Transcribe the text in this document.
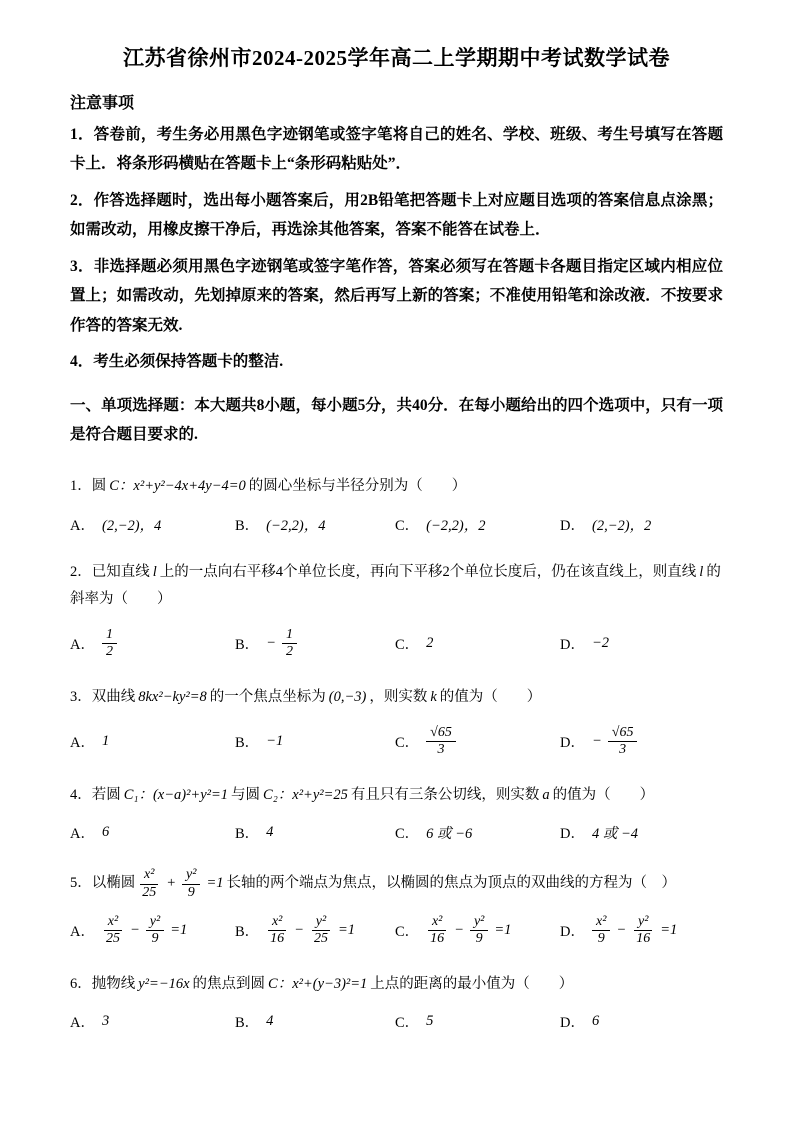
江苏省徐州市2024-2025学年高二上学期期中考试数学试卷
注意事项

1．答卷前，考生务必用黑色字迹钢笔或签字笔将自己的姓名、学校、班级、考生号填写在答题卡上．将条形码横贴在答题卡上“条形码粘贴处”．

2．作答选择题时，选出每小题答案后，用2B铅笔把答题卡上对应题目选项的答案信息点涂黑；如需改动，用橡皮擦干净后，再选涂其他答案，答案不能答在试卷上．

3．非选择题必须用黑色字迹钢笔或签字笔作答，答案必须写在答题卡各题目指定区域内相应位置上；如需改动，先划掉原来的答案，然后再写上新的答案；不准使用铅笔和涂改液．不按要求作答的答案无效.

4．考生必须保持答题卡的整洁.

一、单项选择题：本大题共8小题，每小题5分，共40分．在每小题给出的四个选项中，只有一项是符合题目要求的.

1．圆 C：x²+y²−4x+4y−4=0 的圆心坐标与半径分别为（　　）

A． (2,−2)，4	B． (−2,2)，4	C． (−2,2)，2	D． (2,−2)，2

2．已知直线 l 上的一点向右平移4个单位长度，再向下平移2个单位长度后，仍在该直线上，则直线 l 的斜率为（　　）

A． $\frac{1}{2}$	B． − $\frac{1}{2}$	C． 2	D． −2

3．双曲线 8kx²−ky²=8 的一个焦点坐标为 (0,−3) ，则实数 k 的值为（　　）

A． 1	B． −1	C． $\frac{√65}{3}$	D． − $\frac{√65}{3}$

4．若圆 C₁：(x−a)²+y²=1 与圆 C₂：x²+y²=25 有且只有三条公切线，则实数 a 的值为（　　）

A． 6	B． 4	C． 6 或 −6	D． 4 或 −4

5．以椭圆 $\frac{\text{x²}}{25} + \frac{\text{y²}}{9} =1$ 长轴的两个端点为焦点，以椭圆的焦点为顶点的双曲线的方程为（　）

A． $\frac{\text{x²}}{25} - \frac{\text{y²}}{9} =1$	B． $\frac{\text{x²}}{16} - \frac{\text{y²}}{25} =1$	C． $\frac{\text{x²}}{16} - \frac{\text{y²}}{9} =1$	D． $\frac{\text{x²}}{9} - \frac{\text{y²}}{16} =1$

6．抛物线 y²=−16x 的焦点到圆 C：x²+(y−3)²=1 上点的距离的最小值为（　　）

A． 3	B． 4	C． 5	D． 6
